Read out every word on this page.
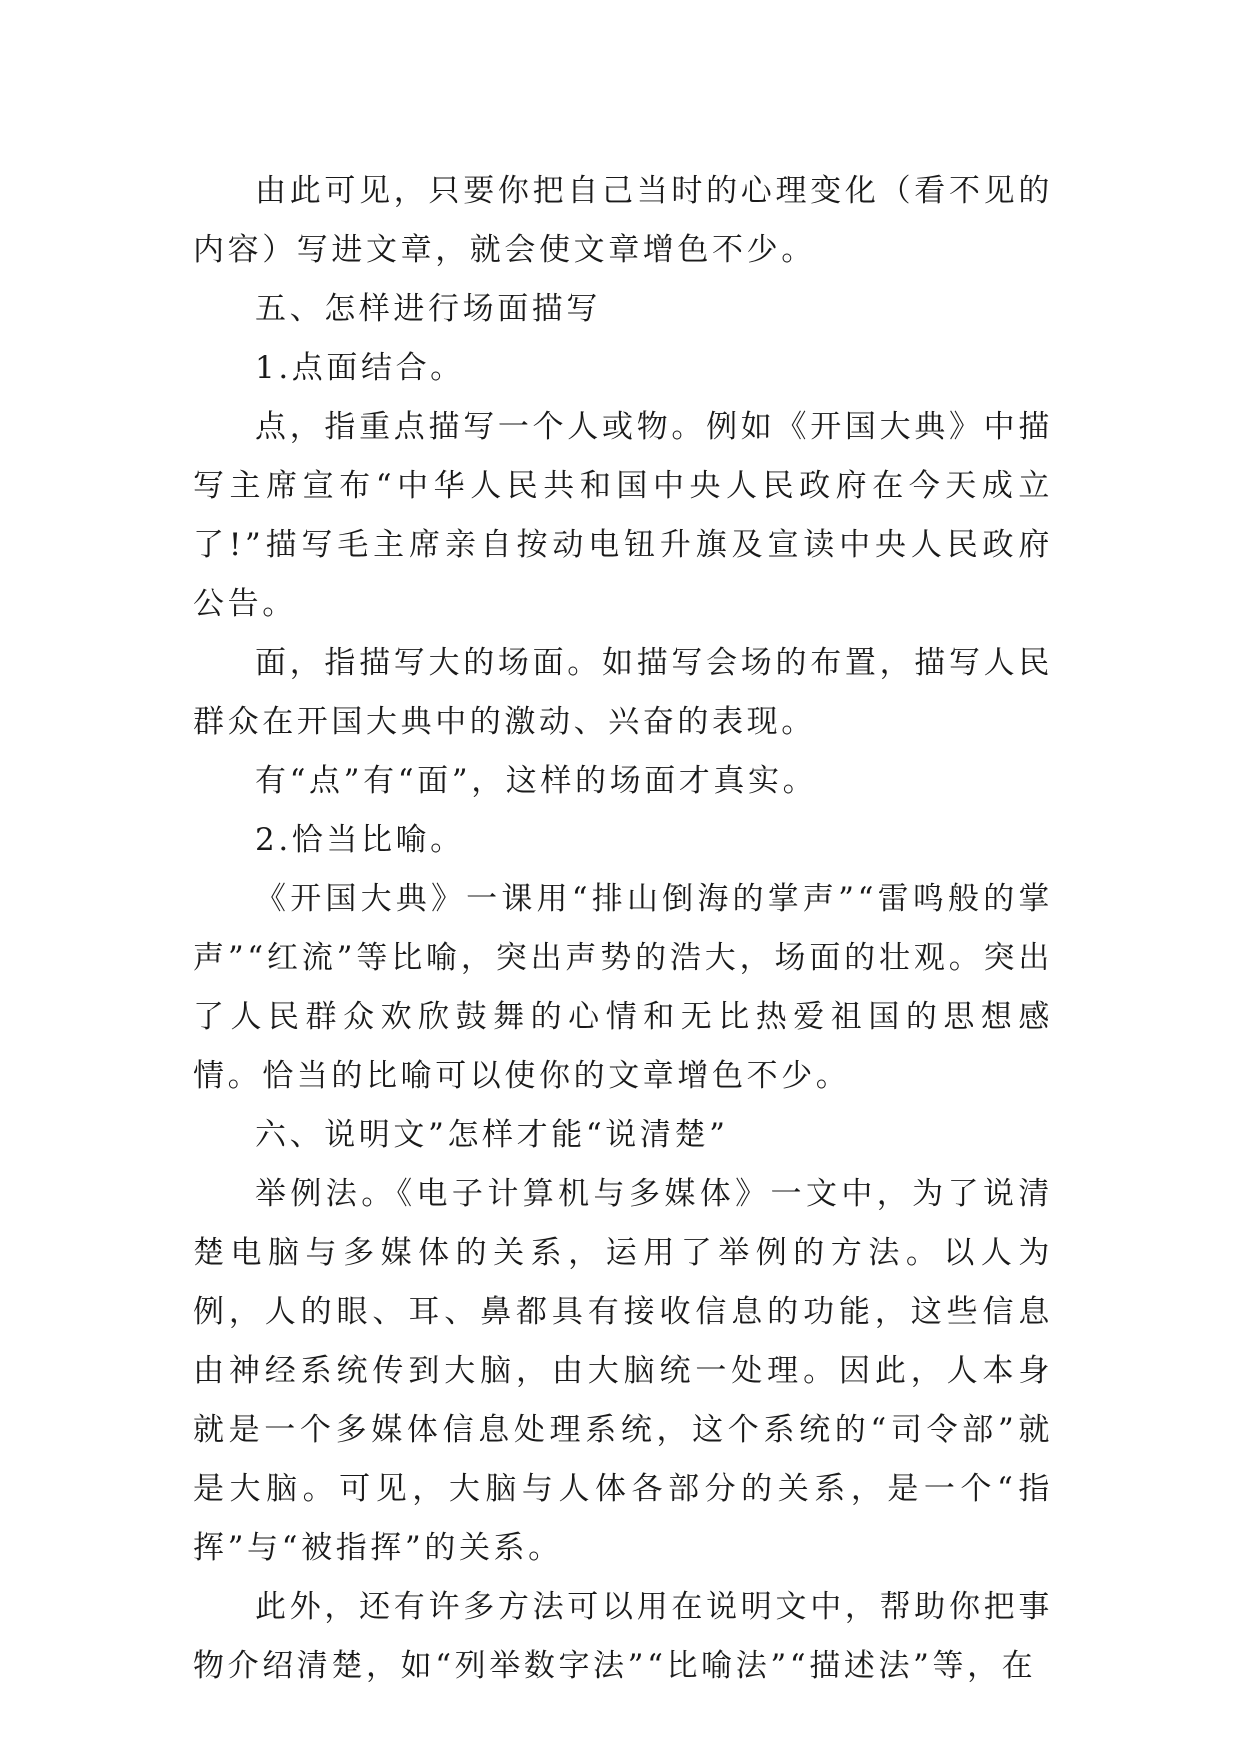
由此可见，只要你把自己当时的心理变化（看不见的内容）写进文章，就会使文章增色不少。

五、怎样进行场面描写

1.点面结合。

点，指重点描写一个人或物。例如《开国大典》中描写主席宣布“中华人民共和国中央人民政府在今天成立了!”描写毛主席亲自按动电钮升旗及宣读中央人民政府公告。

面，指描写大的场面。如描写会场的布置，描写人民群众在开国大典中的激动、兴奋的表现。

有“点”有“面”，这样的场面才真实。

2.恰当比喻。

《开国大典》一课用“排山倒海的掌声”“雷鸣般的掌声”“红流”等比喻，突出声势的浩大，场面的壮观。突出了人民群众欢欣鼓舞的心情和无比热爱祖国的思想感情。恰当的比喻可以使你的文章增色不少。

六、说明文”怎样才能“说清楚”

举例法。《电子计算机与多媒体》一文中，为了说清楚电脑与多媒体的关系，运用了举例的方法。以人为例，人的眼、耳、鼻都具有接收信息的功能，这些信息由神经系统传到大脑，由大脑统一处理。因此，人本身就是一个多媒体信息处理系统，这个系统的“司令部”就是大脑。可见，大脑与人体各部分的关系，是一个“指挥”与“被指挥”的关系。

此外，还有许多方法可以用在说明文中，帮助你把事物介绍清楚，如“列举数字法”“比喻法”“描述法”等，在
